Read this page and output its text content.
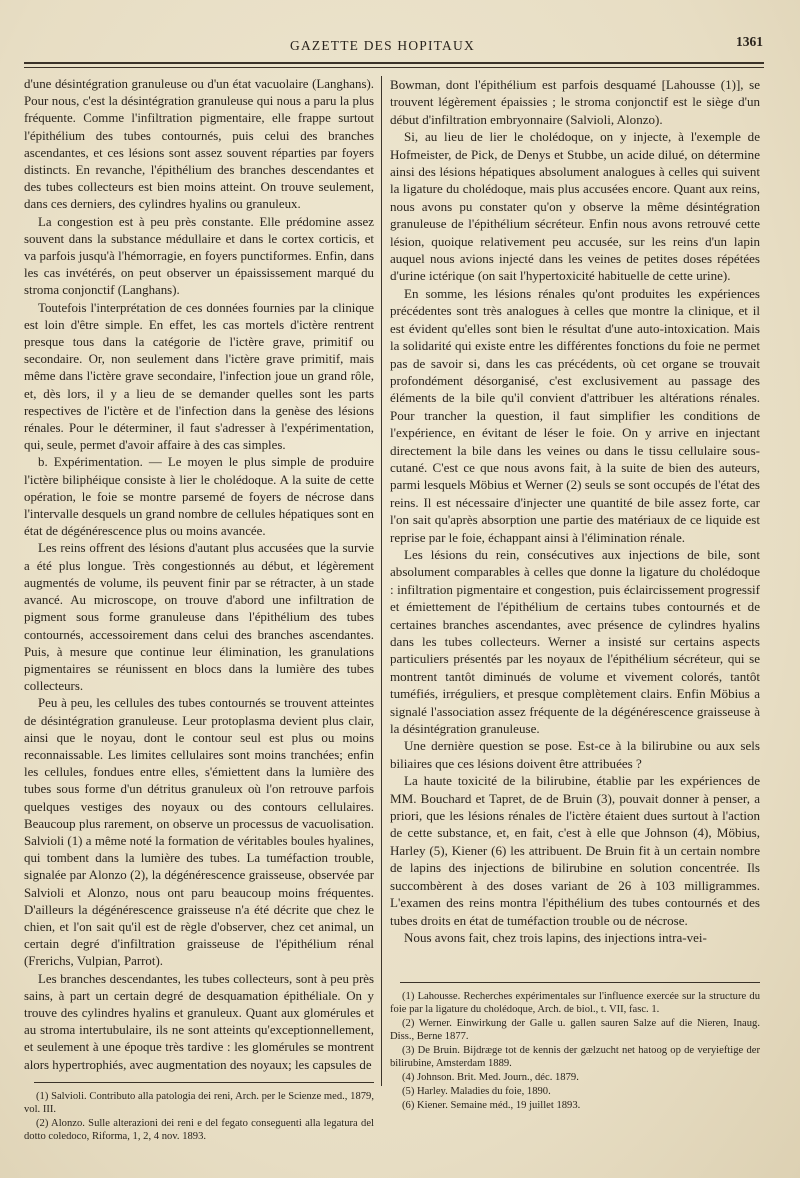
GAZETTE DES HOPITAUX	1361

d'une désintégration granuleuse ou d'un état vacuolaire (Langhans). Pour nous, c'est la désintégration granuleuse qui nous a paru la plus fréquente. Comme l'infiltration pigmentaire, elle frappe surtout l'épithélium des tubes contournés, puis celui des branches ascendantes, et ces lésions sont assez souvent réparties par foyers distincts. En revanche, l'épithélium des branches descendantes et des tubes collecteurs est bien moins atteint. On trouve seulement, dans ces derniers, des cylindres hyalins ou granuleux.

La congestion est à peu près constante. Elle prédomine assez souvent dans la substance médullaire et dans le cortex corticis, et va parfois jusqu'à l'hémorragie, en foyers punctiformes. Enfin, dans les cas invétérés, on peut observer un épaississement marqué du stroma conjonctif (Langhans).

Toutefois l'interprétation de ces données fournies par la clinique est loin d'être simple. En effet, les cas mortels d'ictère rentrent presque tous dans la catégorie de l'ictère grave, primitif ou secondaire. Or, non seulement dans l'ictère grave primitif, mais même dans l'ictère grave secondaire, l'infection joue un grand rôle, et, dès lors, il y a lieu de se demander quelles sont les parts respectives de l'ictère et de l'infection dans la genèse des lésions rénales. Pour le déterminer, il faut s'adresser à l'expérimentation, qui, seule, permet d'avoir affaire à des cas simples.

b. Expérimentation. — Le moyen le plus simple de produire l'ictère biliphéique consiste à lier le cholédoque. A la suite de cette opération, le foie se montre parsemé de foyers de nécrose dans l'intervalle desquels un grand nombre de cellules hépatiques sont en état de dégénérescence plus ou moins avancée.

Les reins offrent des lésions d'autant plus accusées que la survie a été plus longue. Très congestionnés au début, et légèrement augmentés de volume, ils peuvent finir par se rétracter, à un stade avancé. Au microscope, on trouve d'abord une infiltration de pigment sous forme granuleuse dans l'épithélium des tubes contournés, accessoirement dans celui des branches ascendantes. Puis, à mesure que continue leur élimination, les granulations pigmentaires se réunissent en blocs dans la lumière des tubes collecteurs.

Peu à peu, les cellules des tubes contournés se trouvent atteintes de désintégration granuleuse. Leur protoplasma devient plus clair, ainsi que le noyau, dont le contour seul est plus ou moins reconnaissable. Les limites cellulaires sont moins tranchées; enfin les cellules, fondues entre elles, s'émiettent dans la lumière des tubes sous forme d'un détritus granuleux où l'on retrouve parfois quelques vestiges des noyaux ou des contours cellulaires. Beaucoup plus rarement, on observe un processus de vacuolisation. Salvioli (1) a même noté la formation de véritables boules hyalines, qui tombent dans la lumière des tubes. La tuméfaction trouble, signalée par Alonzo (2), la dégénérescence graisseuse, observée par Salvioli et Alonzo, nous ont paru beaucoup moins fréquentes. D'ailleurs la dégénérescence graisseuse n'a été décrite que chez le chien, et l'on sait qu'il est de règle d'observer, chez cet animal, un certain degré d'infiltration graisseuse de l'épithélium rénal (Frerichs, Vulpian, Parrot).

Les branches descendantes, les tubes collecteurs, sont à peu près sains, à part un certain degré de desquamation épithéliale. On y trouve des cylindres hyalins et granuleux. Quant aux glomérules et au stroma intertubulaire, ils ne sont atteints qu'exceptionnellement, et seulement à une époque très tardive : les glomérules se montrent alors hypertrophiés, avec augmentation des noyaux; les capsules de

Bowman, dont l'épithélium est parfois desquamé [Lahousse (1)], se trouvent légèrement épaissies ; le stroma conjonctif est le siège d'un début d'infiltration embryonnaire (Salvioli, Alonzo).

Si, au lieu de lier le cholédoque, on y injecte, à l'exemple de Hofmeister, de Pick, de Denys et Stubbe, un acide dilué, on détermine ainsi des lésions hépatiques absolument analogues à celles qui suivent la ligature du cholédoque, mais plus accusées encore. Quant aux reins, nous avons pu constater qu'on y observe la même désintégration granuleuse de l'épithélium sécréteur. Enfin nous avons retrouvé cette lésion, quoique relativement peu accusée, sur les reins d'un lapin auquel nous avions injecté dans les veines de petites doses répétées d'urine ictérique (on sait l'hypertoxicité habituelle de cette urine).

En somme, les lésions rénales qu'ont produites les expériences précédentes sont très analogues à celles que montre la clinique, et il est évident qu'elles sont bien le résultat d'une auto-intoxication. Mais la solidarité qui existe entre les différentes fonctions du foie ne permet pas de savoir si, dans les cas précédents, où cet organe se trouvait profondément désorganisé, c'est exclusivement au passage des éléments de la bile qu'il convient d'attribuer les altérations rénales. Pour trancher la question, il faut simplifier les conditions de l'expérience, en évitant de léser le foie. On y arrive en injectant directement la bile dans les veines ou dans le tissu cellulaire sous-cutané. C'est ce que nous avons fait, à la suite de bien des auteurs, parmi lesquels Möbius et Werner (2) seuls se sont occupés de l'état des reins. Il est nécessaire d'injecter une quantité de bile assez forte, car l'on sait qu'après absorption une partie des matériaux de ce liquide est reprise par le foie, échappant ainsi à l'élimination rénale.

Les lésions du rein, consécutives aux injections de bile, sont absolument comparables à celles que donne la ligature du cholédoque : infiltration pigmentaire et congestion, puis éclaircissement progressif et émiettement de l'épithélium de certains tubes contournés et de certaines branches ascendantes, avec présence de cylindres hyalins dans les tubes collecteurs. Werner a insisté sur certains aspects particuliers présentés par les noyaux de l'épithélium sécréteur, qui se montrent tantôt diminués de volume et vivement colorés, tantôt tuméfiés, irréguliers, et presque complètement clairs. Enfin Möbius a signalé l'association assez fréquente de la dégénérescence graisseuse à la désintégration granuleuse.

Une dernière question se pose. Est-ce à la bilirubine ou aux sels biliaires que ces lésions doivent être attribuées ?

La haute toxicité de la bilirubine, établie par les expériences de MM. Bouchard et Tapret, de de Bruin (3), pouvait donner à penser, a priori, que les lésions rénales de l'ictère étaient dues surtout à l'action de cette substance, et, en fait, c'est à elle que Johnson (4), Möbius, Harley (5), Kiener (6) les attribuent. De Bruin fit à un certain nombre de lapins des injections de bilirubine en solution concentrée. Ils succombèrent à des doses variant de 26 à 103 milligrammes. L'examen des reins montra l'épithélium des tubes contournés et des tubes droits en état de tuméfaction trouble ou de nécrose.

Nous avons fait, chez trois lapins, des injections intra-vei-

(1) Lahousse. Recherches expérimentales sur l'influence exercée sur la structure du foie par la ligature du cholédoque, Arch. de biol., t. VII, fasc. 1.

(2) Werner. Einwirkung der Galle u. gallen sauren Salze auf die Nieren, Inaug. Diss., Berne 1877.

(3) De Bruin. Bijdræge tot de kennis der gælzucht net hatoog op de veryieftige der bilirubine, Amsterdam 1889.

(4) Johnson. Brit. Med. Journ., déc. 1879.

(5) Harley. Maladies du foie, 1890.

(6) Kiener. Semaine méd., 19 juillet 1893.

(1) Salvioli. Contributo alla patologia dei reni, Arch. per le Scienze med., 1879, vol. III.

(2) Alonzo. Sulle alterazioni dei reni e del fegato conseguenti alla legatura del dotto coledoco, Riforma, 1, 2, 4 nov. 1893.
